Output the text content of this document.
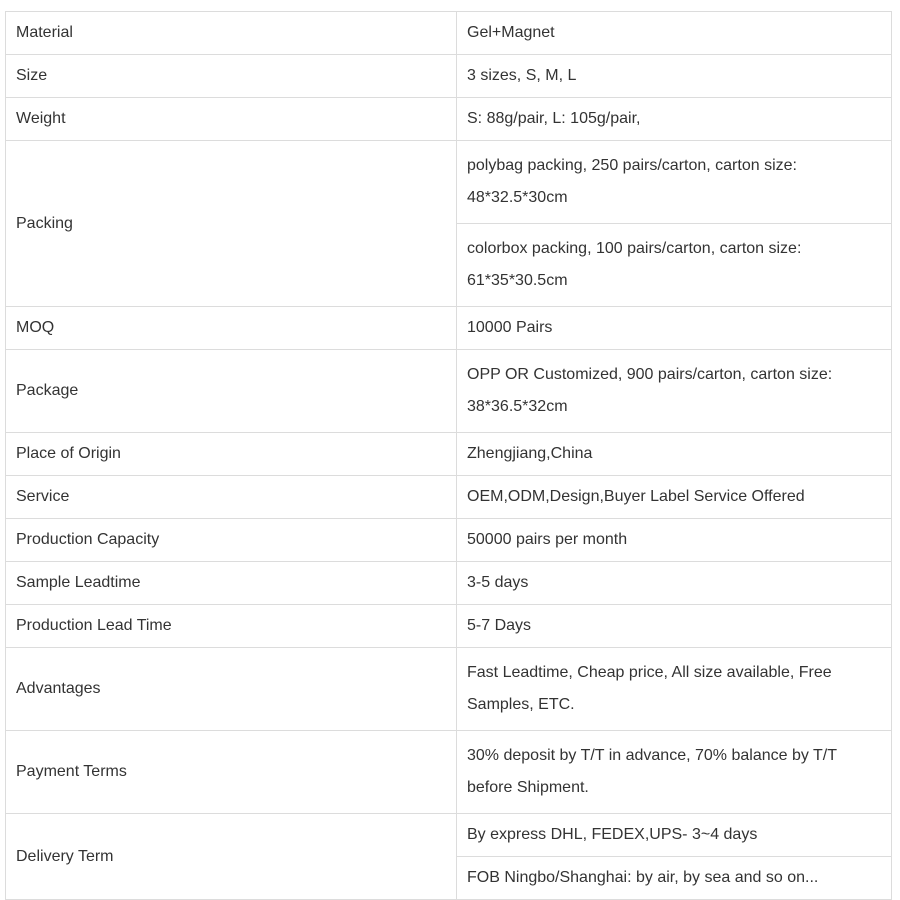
Material	Gel+Magnet
Size	3 sizes, S, M, L
Weight	S: 88g/pair, L: 105g/pair,
Packing	polybag packing, 250 pairs/carton, carton size: 48*32.5*30cm
	colorbox packing, 100 pairs/carton, carton size: 61*35*30.5cm
MOQ	10000 Pairs
Package	OPP OR Customized, 900 pairs/carton, carton size: 38*36.5*32cm
Place of Origin	Zhengjiang,China
Service	OEM,ODM,Design,Buyer Label Service Offered
Production Capacity	50000 pairs per month
Sample Leadtime	3-5 days
Production Lead Time	5-7 Days
Advantages	Fast Leadtime, Cheap price, All size available, Free Samples, ETC.
Payment Terms	30% deposit by T/T in advance, 70% balance by T/T before Shipment.
Delivery Term	By express DHL, FEDEX,UPS- 3~4 days
	FOB Ningbo/Shanghai: by air, by sea and so on...
